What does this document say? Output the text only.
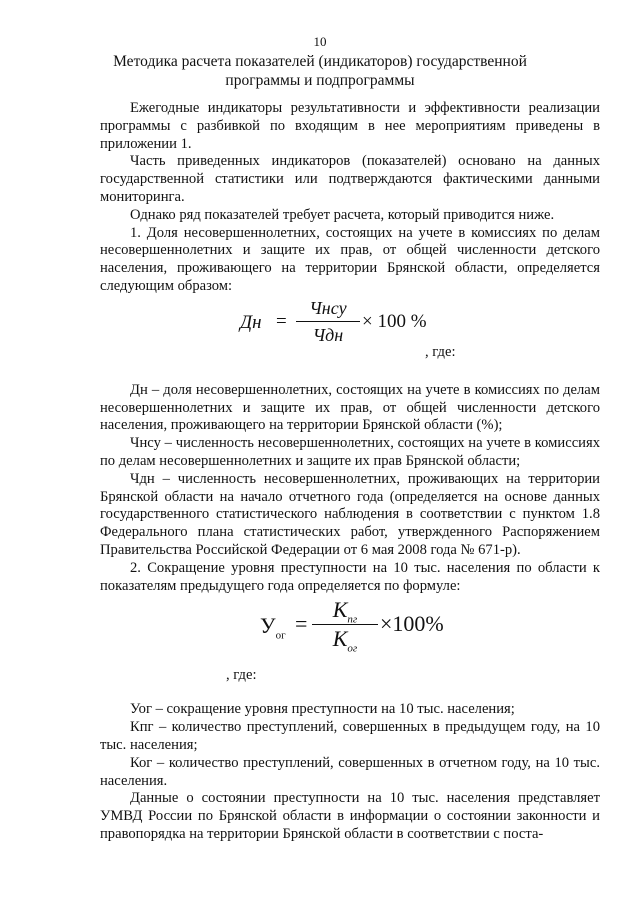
10
Методика расчета показателей (индикаторов) государственной
программы и подпрограммы

Ежегодные индикаторы результативности и эффективности реализации программы с разбивкой по входящим в нее мероприятиям приведены в приложении 1.

Часть приведенных индикаторов (показателей) основано на данных государственной статистики или подтверждаются фактическими данными мониторинга.

Однако ряд показателей требует расчета, который приводится ниже.

1. Доля несовершеннолетних, состоящих на учете в комиссиях по делам несовершеннолетних и защите их прав, от общей численности детского населения, проживающего на территории Брянской области, определяется следующим образом:

Дн =
Чнсу
Чдн
× 100 %
, где:

Дн – доля несовершеннолетних, состоящих на учете в комиссиях по делам несовершеннолетних и защите их прав, от общей численности детского населения, проживающего на территории Брянской области (%);

Чнсу – численность несовершеннолетних, состоящих на учете в комиссиях по делам несовершеннолетних и защите их прав Брянской области;

Чдн – численность несовершеннолетних, проживающих на территории Брянской области на начало отчетного года (определяется на основе данных государственного статистического наблюдения в соответствии с пунктом 1.8 Федерального плана статистических работ, утвержденного Распоряжением Правительства Российской Федерации от 6 мая 2008 года № 671-р).

2. Сокращение уровня преступности на 10 тыс. населения по области к показателям предыдущего года определяется по формуле:

$У_{ог}$ =
$К_{пг}$
$К_{ог}$
×100%
, где:

Уог – сокращение уровня преступности на 10 тыс. населения;

Кпг – количество преступлений, совершенных в предыдущем году, на 10 тыс. населения;

Ког – количество преступлений, совершенных в отчетном году, на 10 тыс. населения.

Данные о состоянии преступности на 10 тыс. населения представляет УМВД России по Брянской области в информации о состоянии законности и правопорядка на территории Брянской области в соответствии с поста-
